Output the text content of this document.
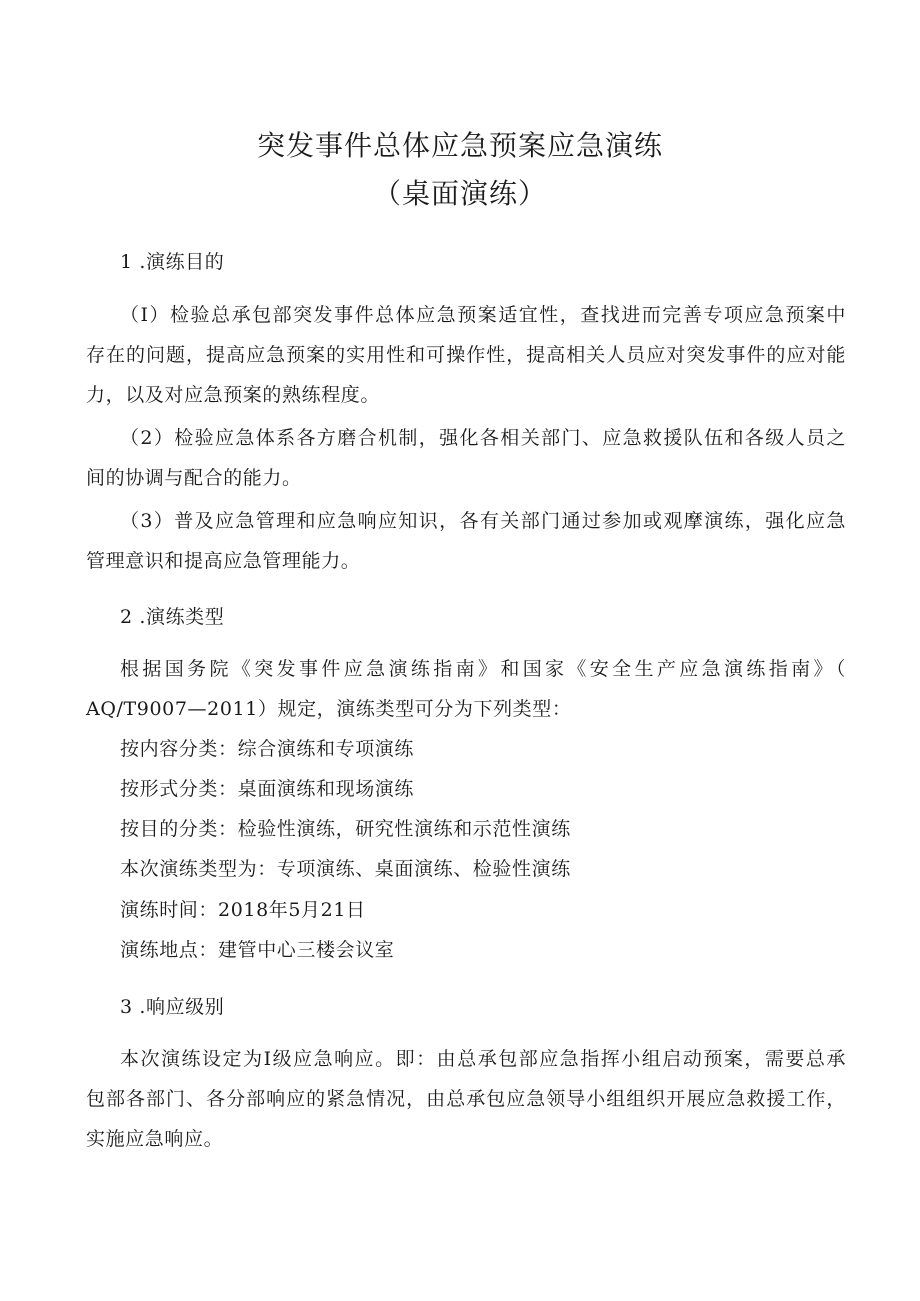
突发事件总体应急预案应急演练
（桌面演练）
1 .演练目的
（I）检验总承包部突发事件总体应急预案适宜性，查找进而完善专项应急预案中
存在的问题，提高应急预案的实用性和可操作性，提高相关人员应对突发事件的应对能
力，以及对应急预案的熟练程度。
（2）检验应急体系各方磨合机制，强化各相关部门、应急救援队伍和各级人员之
间的协调与配合的能力。
（3）普及应急管理和应急响应知识，各有关部门通过参加或观摩演练，强化应急
管理意识和提高应急管理能力。
2 .演练类型
根据国务院《突发事件应急演练指南》和国家《安全生产应急演练指南》（
AQ/T9007—2011）规定，演练类型可分为下列类型：
按内容分类：综合演练和专项演练
按形式分类：桌面演练和现场演练
按目的分类：检验性演练，研究性演练和示范性演练
本次演练类型为：专项演练、桌面演练、检验性演练
演练时间：2018年5月21日
演练地点：建管中心三楼会议室
3 .响应级别
本次演练设定为I级应急响应。即：由总承包部应急指挥小组启动预案，需要总承
包部各部门、各分部响应的紧急情况，由总承包应急领导小组组织开展应急救援工作，
实施应急响应。
